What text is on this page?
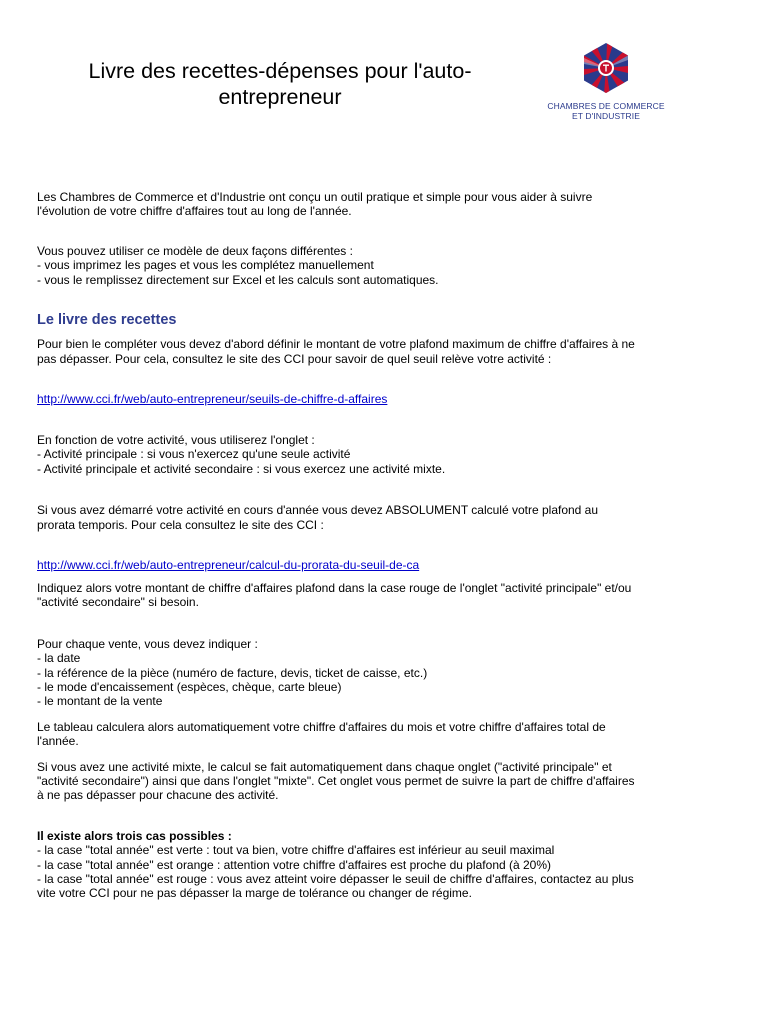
Livre des recettes-dépenses pour l'auto-entrepreneur	CHAMBRES DE COMMERCE
ET D'INDUSTRIE

Les Chambres de Commerce et d'Industrie ont conçu un outil pratique et simple pour vous aider à suivre
l'évolution de votre chiffre d'affaires tout au long de l'année.

Vous pouvez utiliser ce modèle de deux façons différentes :
- vous imprimez les pages et vous les complétez manuellement
- vous le remplissez directement sur Excel et les calculs sont automatiques.

Le livre des recettes

Pour bien le compléter vous devez d'abord définir le montant de votre plafond maximum de chiffre d'affaires à ne
pas dépasser. Pour cela, consultez le site des CCI pour savoir de quel seuil relève votre activité :

http://www.cci.fr/web/auto-entrepreneur/seuils-de-chiffre-d-affaires

En fonction de votre activité, vous utiliserez l'onglet :
- Activité principale : si vous n'exercez qu'une seule activité
- Activité principale et activité secondaire : si vous exercez une activité mixte.

Si vous avez démarré votre activité en cours d'année vous devez ABSOLUMENT calculé votre plafond au
prorata temporis. Pour cela consultez le site des CCI :

http://www.cci.fr/web/auto-entrepreneur/calcul-du-prorata-du-seuil-de-ca

Indiquez alors votre montant de chiffre d'affaires plafond dans la case rouge de l'onglet "activité principale" et/ou
"activité secondaire" si besoin.

Pour chaque vente, vous devez indiquer :
- la date
- la référence de la pièce (numéro de facture, devis, ticket de caisse, etc.)
- le mode d'encaissement (espèces, chèque, carte bleue)
- le montant de la vente

Le tableau calculera alors automatiquement votre chiffre d'affaires du mois et votre chiffre d'affaires total de
l'année.

Si vous avez une activité mixte, le calcul se fait automatiquement dans chaque onglet ("activité principale" et
"activité secondaire") ainsi que dans l'onglet "mixte". Cet onglet vous permet de suivre la part de chiffre d'affaires
à ne pas dépasser pour chacune des activité.

Il existe alors trois cas possibles :

- la case "total année" est verte : tout va bien, votre chiffre d'affaires est inférieur au seuil maximal
- la case "total année" est orange : attention votre chiffre d'affaires est proche du plafond (à 20%)
- la case "total année" est rouge : vous avez atteint voire dépasser le seuil de chiffre d'affaires, contactez au plus
vite votre CCI pour ne pas dépasser la marge de tolérance ou changer de régime.
